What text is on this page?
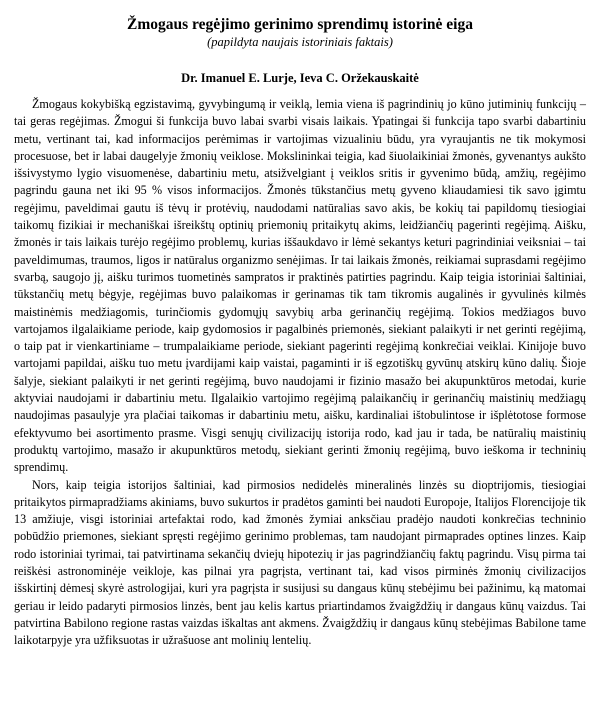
Žmogaus regėjimo gerinimo sprendimų istorinė eiga

(papildyta naujais istoriniais faktais)

Dr. Imanuel E. Lurje, Ieva C. Oržekauskaitė

Žmogaus kokybišką egzistavimą, gyvybingumą ir veiklą, lemia viena iš pagrindinių jo kūno jutiminių funkcijų – tai geras regėjimas. Žmogui ši funkcija buvo labai svarbi visais laikais. Ypatingai ši funkcija tapo svarbi dabartiniu metu, vertinant tai, kad informacijos perėmimas ir vartojimas vizualiniu būdu, yra vyraujantis ne tik mokymosi procesuose, bet ir labai daugelyje žmonių veiklose. Mokslininkai teigia, kad šiuolaikiniai žmonės, gyvenantys aukšto išsivystymo lygio visuomenėse, dabartiniu metu, atsižvelgiant į veiklos sritis ir gyvenimo būdą, amžių, regėjimo pagrindu gauna net iki 95 % visos informacijos. Žmonės tūkstančius metų gyveno kliaudamiesi tik savo įgimtu regėjimu, paveldimai gautu iš tėvų ir protėvių, naudodami natūralias savo akis, be kokių tai papildomų tiesiogiai taikomų fizikiai ir mechaniškai išreikštų optinių priemonių pritaikytų akims, leidžiančių pagerinti regėjimą. Aišku, žmonės ir tais laikais turėjo regėjimo problemų, kurias iššaukdavo ir lėmė sekantys keturi pagrindiniai veiksniai – tai paveldimumas, traumos, ligos ir natūralus organizmo senėjimas. Ir tai laikais žmonės, reikiamai suprasdami regėjimo svarbą, saugojo jį, aišku turimos tuometinės sampratos ir praktinės patirties pagrindu. Kaip teigia istoriniai šaltiniai, tūkstančių metų bėgyje, regėjimas buvo palaikomas ir gerinamas tik tam tikromis augalinės ir gyvulinės kilmės maistinėmis medžiagomis, turinčiomis gydomųjų savybių arba gerinančių regėjimą. Tokios medžiagos buvo vartojamos ilgalaikiame periode, kaip gydomosios ir pagalbinės priemonės, siekiant palaikyti ir net gerinti regėjimą, o taip pat ir vienkartiniame – trumpalaikiame periode, siekiant pagerinti regėjimą konkrečiai veiklai. Kinijoje buvo vartojami papildai, aišku tuo metu įvardijami kaip vaistai, pagaminti ir iš egzotiškų gyvūnų atskirų kūno dalių. Šioje šalyje, siekiant palaikyti ir net gerinti regėjimą, buvo naudojami ir fizinio masažo bei akupunktūros metodai, kurie aktyviai naudojami ir dabartiniu metu. Ilgalaikio vartojimo regėjimą palaikančių ir gerinančių maistinių medžiagų naudojimas pasaulyje yra plačiai taikomas ir dabartiniu metu, aišku, kardinaliai ištobulintose ir išplėtotose formose efektyvumo bei asortimento prasme. Visgi senųjų civilizacijų istorija rodo, kad jau ir tada, be natūralių maistinių produktų vartojimo, masažo ir akupunktūros metodų, siekiant gerinti žmonių regėjimą, buvo ieškoma ir techninių sprendimų.

Nors, kaip teigia istorijos šaltiniai, kad pirmosios nedidelės mineralinės linzės su dioptrijomis, tiesiogiai pritaikytos pirmapradžiams akiniams, buvo sukurtos ir pradėtos gaminti bei naudoti Europoje, Italijos Florencijoje tik 13 amžiuje, visgi istoriniai artefaktai rodo, kad žmonės žymiai anksčiau pradėjo naudoti konkrečias techninio pobūdžio priemones, siekiant spręsti regėjimo gerinimo problemas, tam naudojant pirmaprades optines linzes. Kaip rodo istoriniai tyrimai, tai patvirtinama sekančių dviejų hipotezių ir jas pagrindžiančių faktų pagrindu. Visų pirma tai reiškėsi astronominėje veikloje, kas pilnai yra pagrįsta, vertinant tai, kad visos pirminės žmonių civilizacijos išskirtinį dėmesį skyrė astrologijai, kuri yra pagrįsta ir susijusi su dangaus kūnų stebėjimu bei pažinimu, ką matomai geriau ir leido padaryti pirmosios linzės, bent jau kelis kartus priartindamos žvaigždžių ir dangaus kūnų vaizdus. Tai patvirtina Babilono regione rastas vaizdas iškaltas ant akmens. Žvaigždžių ir dangaus kūnų stebėjimas Babilone tame laikotarpyje yra užfiksuotas ir užrašuose ant molinių lentelių.
